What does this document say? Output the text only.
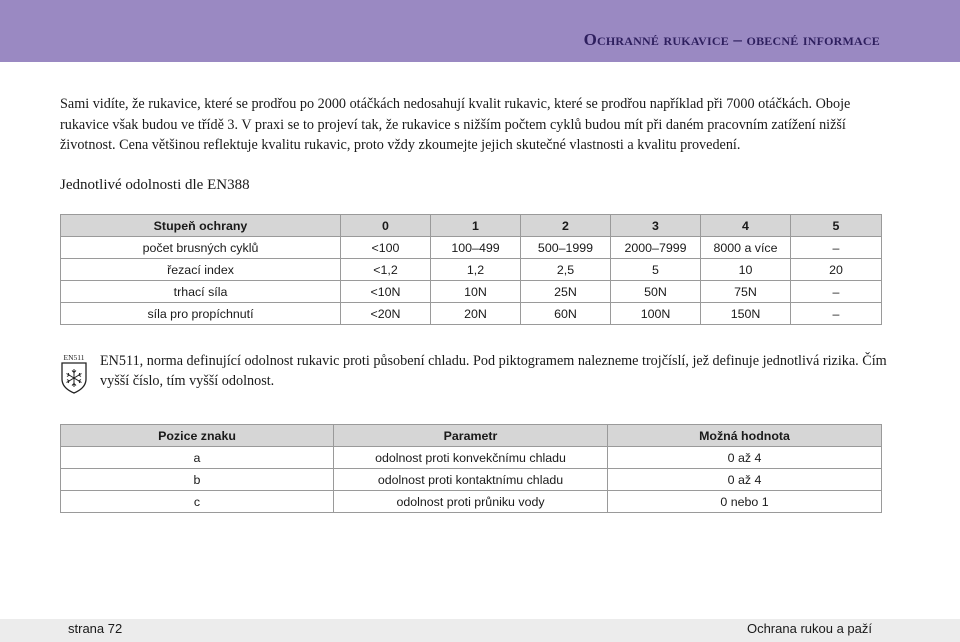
Ochranné rukavice – obecné informace

Sami vidíte, že rukavice, které se prodřou po 2000 otáčkách nedosahují kvalit rukavic, které se prodřou například při 7000 otáčkách. Oboje rukavice však budou ve třídě 3. V praxi se to projeví tak, že rukavice s nižším počtem cyklů budou mít při daném pracovním zatížení nižší životnost. Cena většinou reflektuje kvalitu rukavic, proto vždy zkoumejte jejich skutečné vlastnosti a kvalitu provedení.

Jednotlivé odolnosti dle EN388
Stupeň ochrany	0	1	2	3	4	5
počet brusných cyklů	<100	100–499	500–1999	2000–7999	8000 a více	–
řezací index	<1,2	1,2	2,5	5	10	20
trhací síla	<10N	10N	25N	50N	75N	–
síla pro propíchnutí	<20N	20N	60N	100N	150N	–
EN511 EN511, norma definující odolnost rukavic proti působení chladu. Pod piktogramem nalezneme trojčíslí, jež definuje jednotlivá rizika. Čím vyšší číslo, tím vyšší odolnost.

Pozice znaku	Parametr	Možná hodnota
a	odolnost proti konvekčnímu chladu	0 až 4
b	odolnost proti kontaktnímu chladu	0 až 4
c	odolnost proti průniku vody	0 nebo 1
strana 72	Ochrana rukou a paží
